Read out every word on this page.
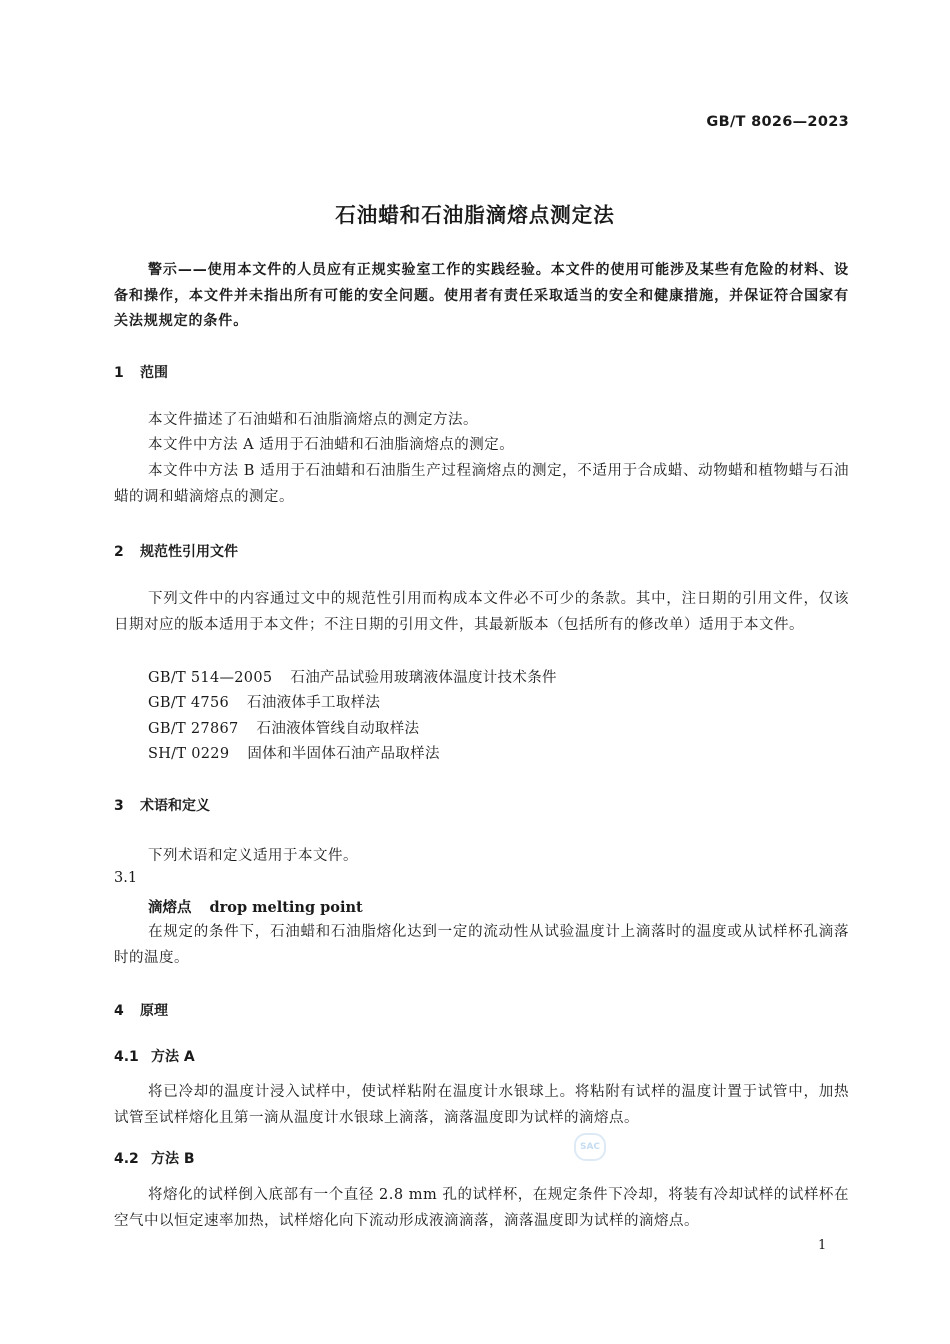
GB/T 8026—2023
石油蜡和石油脂滴熔点测定法
警示——使用本文件的人员应有正规实验室工作的实践经验。本文件的使用可能涉及某些有危险的材料、设备和操作，本文件并未指出所有可能的安全问题。使用者有责任采取适当的安全和健康措施，并保证符合国家有关法规规定的条件。
1 范围
本文件描述了石油蜡和石油脂滴熔点的测定方法。
本文件中方法 A 适用于石油蜡和石油脂滴熔点的测定。
本文件中方法 B 适用于石油蜡和石油脂生产过程滴熔点的测定，不适用于合成蜡、动物蜡和植物蜡与石油蜡的调和蜡滴熔点的测定。
2 规范性引用文件
下列文件中的内容通过文中的规范性引用而构成本文件必不可少的条款。其中，注日期的引用文件，仅该日期对应的版本适用于本文件；不注日期的引用文件，其最新版本（包括所有的修改单）适用于本文件。
GB/T 514—2005 石油产品试验用玻璃液体温度计技术条件
GB/T 4756 石油液体手工取样法
GB/T 27867 石油液体管线自动取样法
SH/T 0229 固体和半固体石油产品取样法
3 术语和定义
下列术语和定义适用于本文件。
3.1
滴熔点 drop melting point
在规定的条件下，石油蜡和石油脂熔化达到一定的流动性从试验温度计上滴落时的温度或从试样杯孔滴落时的温度。
4 原理
4.1 方法 A
将已冷却的温度计浸入试样中，使试样粘附在温度计水银球上。将粘附有试样的温度计置于试管中，加热试管至试样熔化且第一滴从温度计水银球上滴落，滴落温度即为试样的滴熔点。
4.2 方法 B
将熔化的试样倒入底部有一个直径 2.8 mm 孔的试样杯，在规定条件下冷却，将装有冷却试样的试样杯在空气中以恒定速率加热，试样熔化向下流动形成液滴滴落，滴落温度即为试样的滴熔点。
SAC
1
